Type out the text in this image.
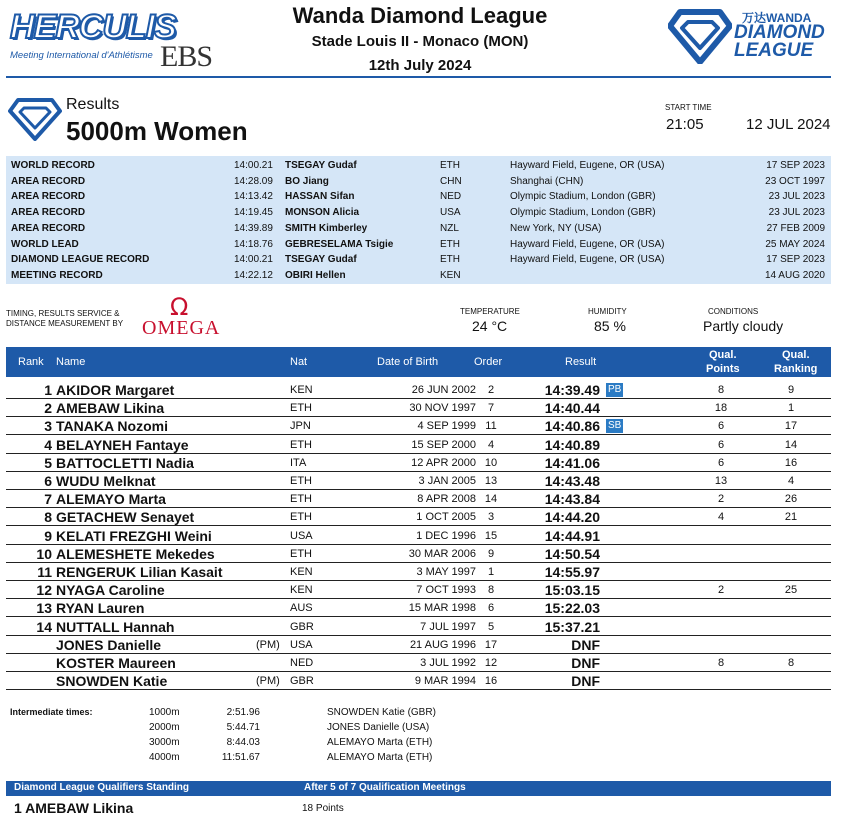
HERCULIS
Meeting International d'Athlétisme EBS
Wanda Diamond League
Stade Louis II - Monaco (MON)
12th July 2024
万达WANDA
DIAMOND
LEAGUE
Results
5000m Women
START TIME
21:05	12 JUL 2024
WORLD RECORD	14:00.21 TSEGAY Gudaf	ETH	Hayward Field, Eugene, OR (USA)	17 SEP 2023
AREA RECORD	14:28.09 BO Jiang	CHN	Shanghai (CHN)	23 OCT 1997
AREA RECORD	14:13.42 HASSAN Sifan	NED	Olympic Stadium, London (GBR)	23 JUL 2023
AREA RECORD	14:19.45 MONSON Alicia	USA	Olympic Stadium, London (GBR)	23 JUL 2023
AREA RECORD	14:39.89 SMITH Kimberley	NZL	New York, NY (USA)	27 FEB 2009
WORLD LEAD	14:18.76 GEBRESELAMA Tsigie	ETH	Hayward Field, Eugene, OR (USA)	25 MAY 2024
DIAMOND LEAGUE RECORD	14:00.21 TSEGAY Gudaf	ETH	Hayward Field, Eugene, OR (USA)	17 SEP 2023
MEETING RECORD	14:22.12 OBIRI Hellen	KEN	14 AUG 2020
TIMING, RESULTS SERVICE &
DISTANCE MEASUREMENT BY
Ω
OMEGA
TEMPERATURE
24 °C
HUMIDITY
85 %
CONDITIONS
Partly cloudy
Rank Name	Nat	Date of Birth	Order	Result
Qual.
Points
Qual.
Ranking
1 AKIDOR Margaret	KEN	26 JUN 2002	2	14:39.49 PB	8	9
2 AMEBAW Likina	ETH	30 NOV 1997	7	14:40.44	18	1
3 TANAKA Nozomi	JPN	4 SEP 1999 11	14:40.86 SB	6	17
4 BELAYNEH Fantaye	ETH	15 SEP 2000	4	14:40.89	6	14
5 BATTOCLETTI Nadia	ITA	12 APR 2000 10	14:41.06	6	16
6 WUDU Melknat	ETH	3 JAN 2005 13	14:43.48	13	4
7 ALEMAYO Marta	ETH	8 APR 2008 14	14:43.84	2	26
8 GETACHEW Senayet	ETH	1 OCT 2005	3	14:44.20	4	21
9 KELATI FREZGHI Weini	USA	1 DEC 1996 15	14:44.91
10 ALEMESHETE Mekedes	ETH	30 MAR 2006	9	14:50.54
11 RENGERUK Lilian Kasait	KEN	3 MAY 1997	1	14:55.97
12 NYAGA Caroline	KEN	7 OCT 1993	8	15:03.15	2	25
13 RYAN Lauren	AUS	15 MAR 1998	6	15:22.03
14 NUTTALL Hannah	GBR	7 JUL 1997	5	15:37.21
JONES Danielle	(PM) USA	21 AUG 1996 17	DNF
KOSTER Maureen	NED	3 JUL 1992 12	DNF	8	8
SNOWDEN Katie	(PM) GBR	9 MAR 1994 16	DNF
Intermediate times:	1000m	2:51.96	SNOWDEN Katie (GBR)
2000m	5:44.71	JONES Danielle (USA)
3000m	8:44.03	ALEMAYO Marta (ETH)
4000m	11:51.67	ALEMAYO Marta (ETH)
Diamond League Qualifiers Standing	After 5 of 7 Qualification Meetings
1 AMEBAW Likina	18 Points
